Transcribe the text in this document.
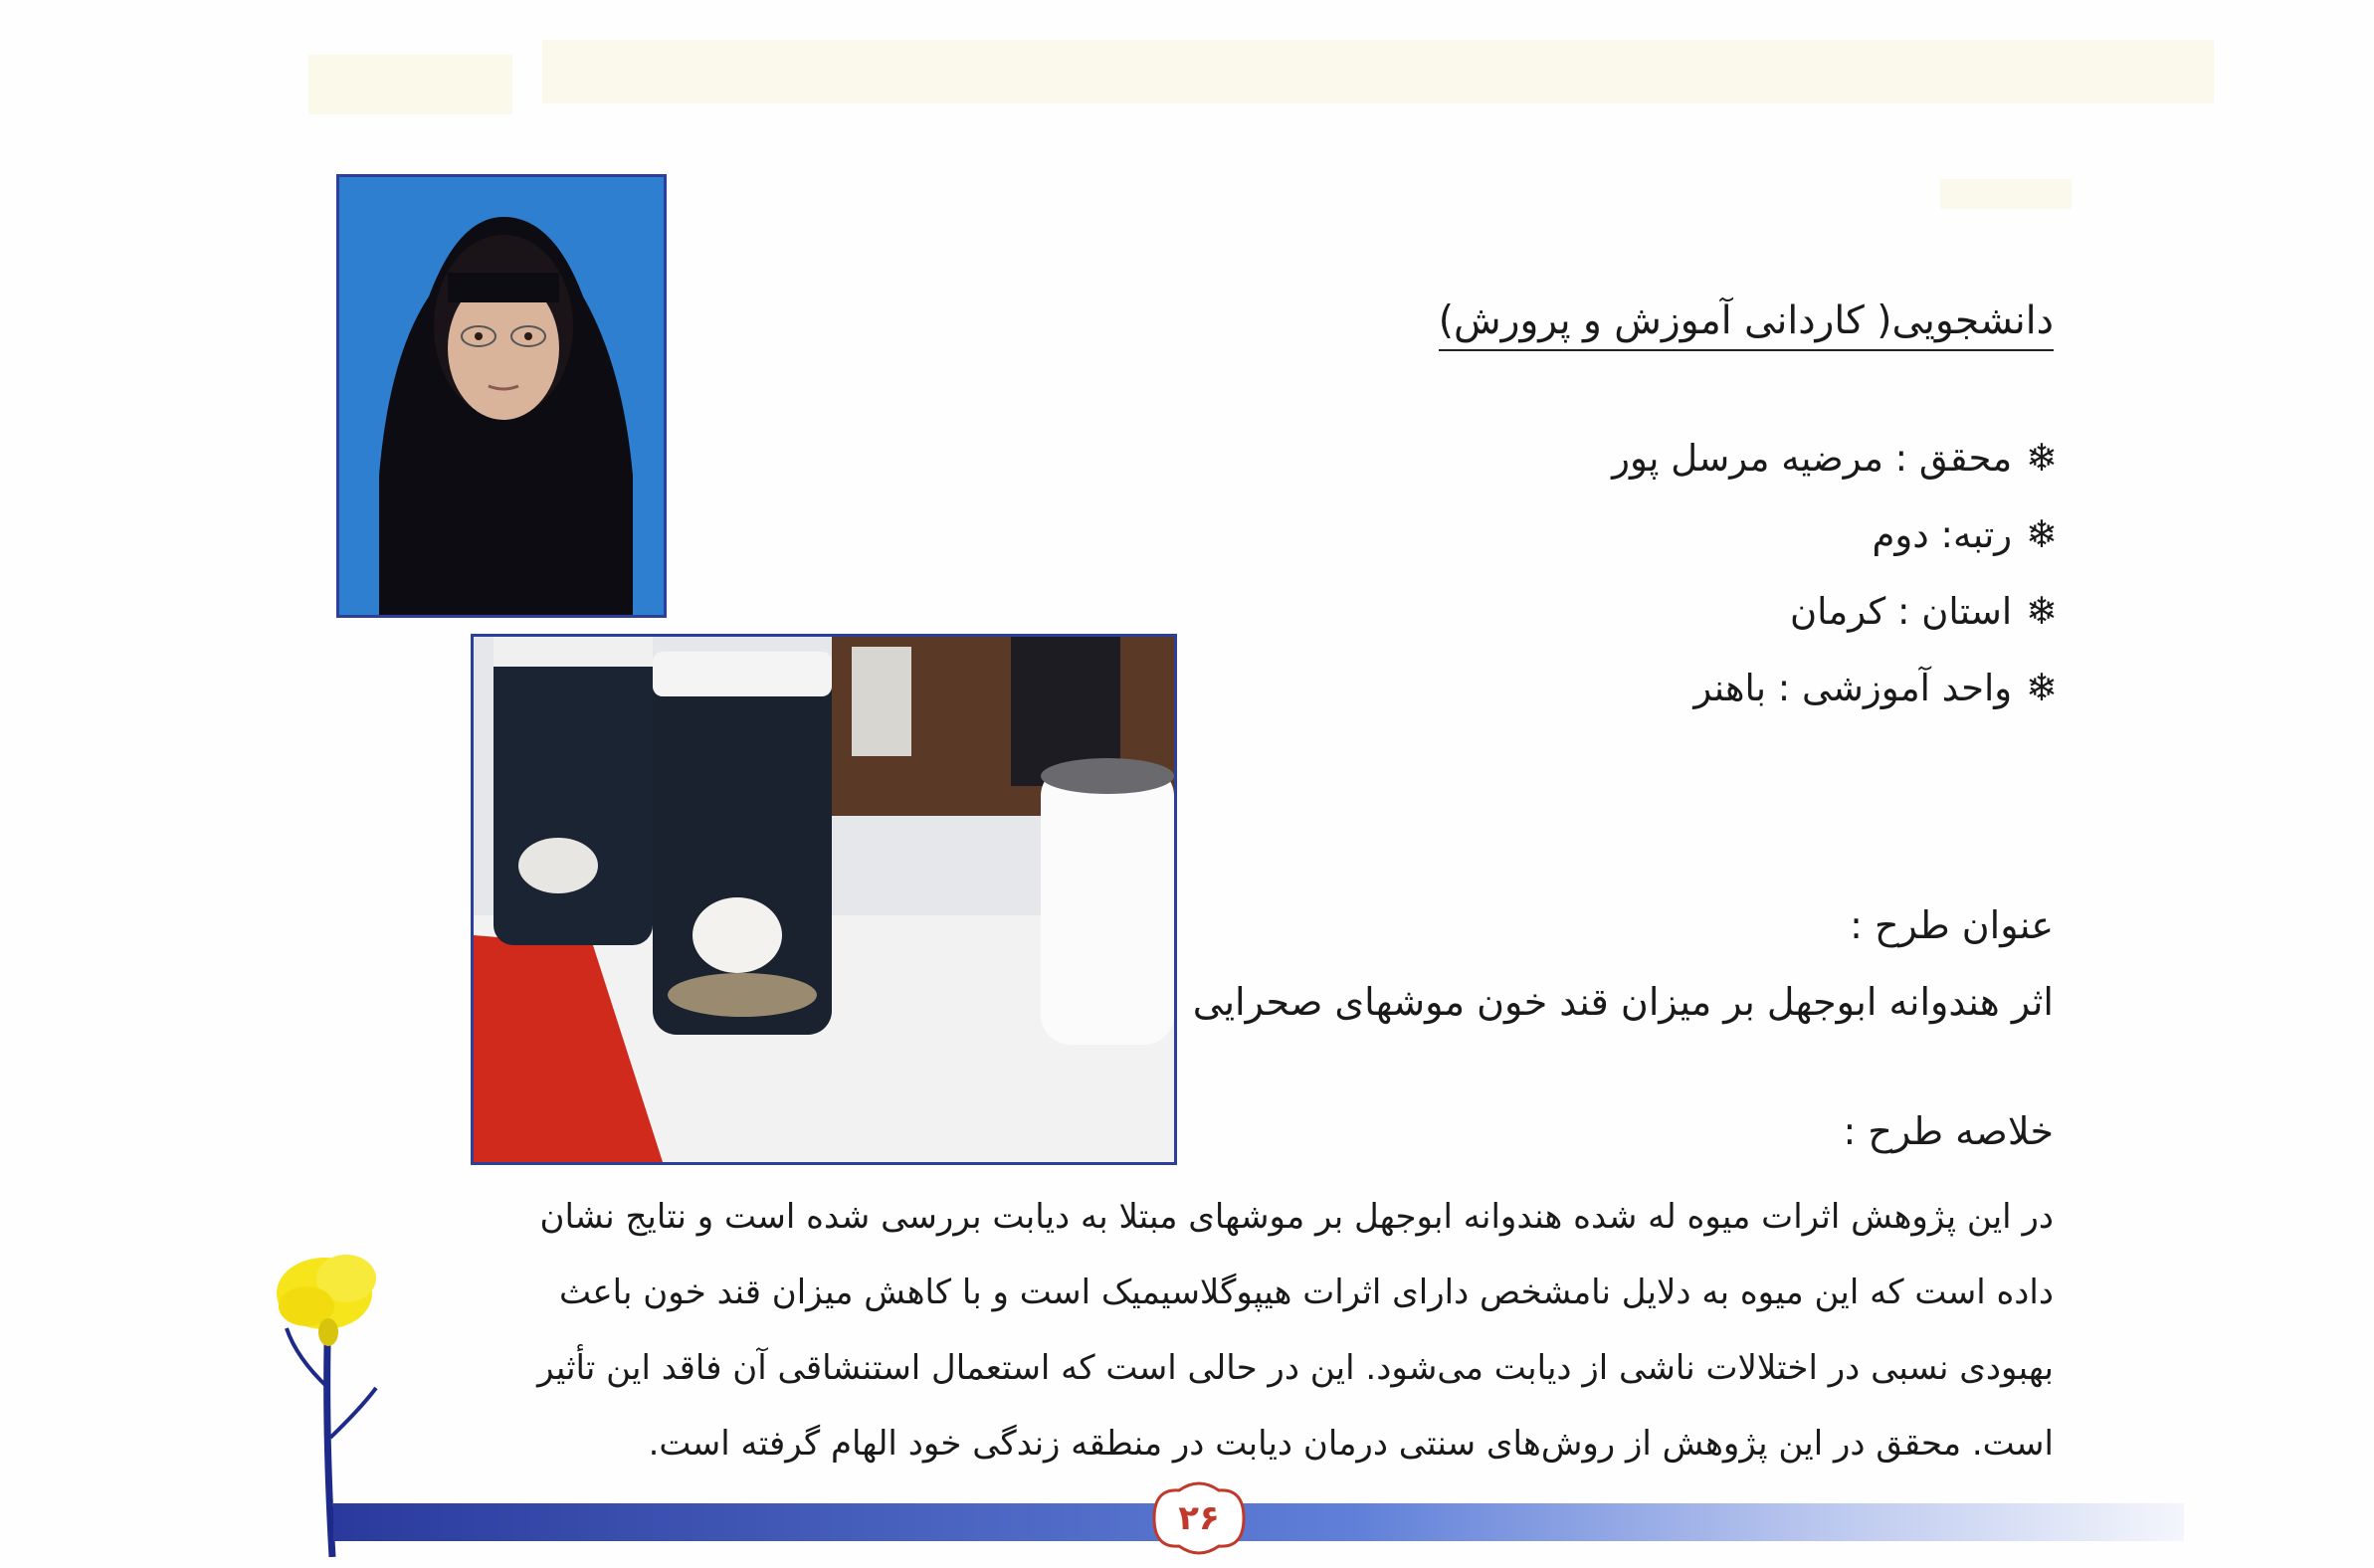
دانشجویی( کاردانی آموزش و پرورش)
❄محقق : مرضیه مرسل پور
❄رتبه: دوم
❄استان : کرمان
❄واحد آموزشی : باهنر
عنوان طرح :
اثر هندوانه ابوجهل بر میزان قند خون موشهای صحرایی
خلاصه طرح :

در این پژوهش اثرات میوه له شده هندوانه ابوجهل بر موشهای مبتلا به دیابت بررسی شده است و نتایج نشان

داده است که این میوه به دلایل نامشخص دارای اثرات هیپوگلاسیمیک است و با کاهش میزان قند خون باعث

بهبودی نسبی در اختلالات ناشی از دیابت می‌شود. این در حالی است که استعمال استنشاقی آن فاقد این تأثیر

است. محقق در این پژوهش از روش‌های سنتی درمان دیابت در منطقه زندگی خود الهام گرفته است.

۲۶
